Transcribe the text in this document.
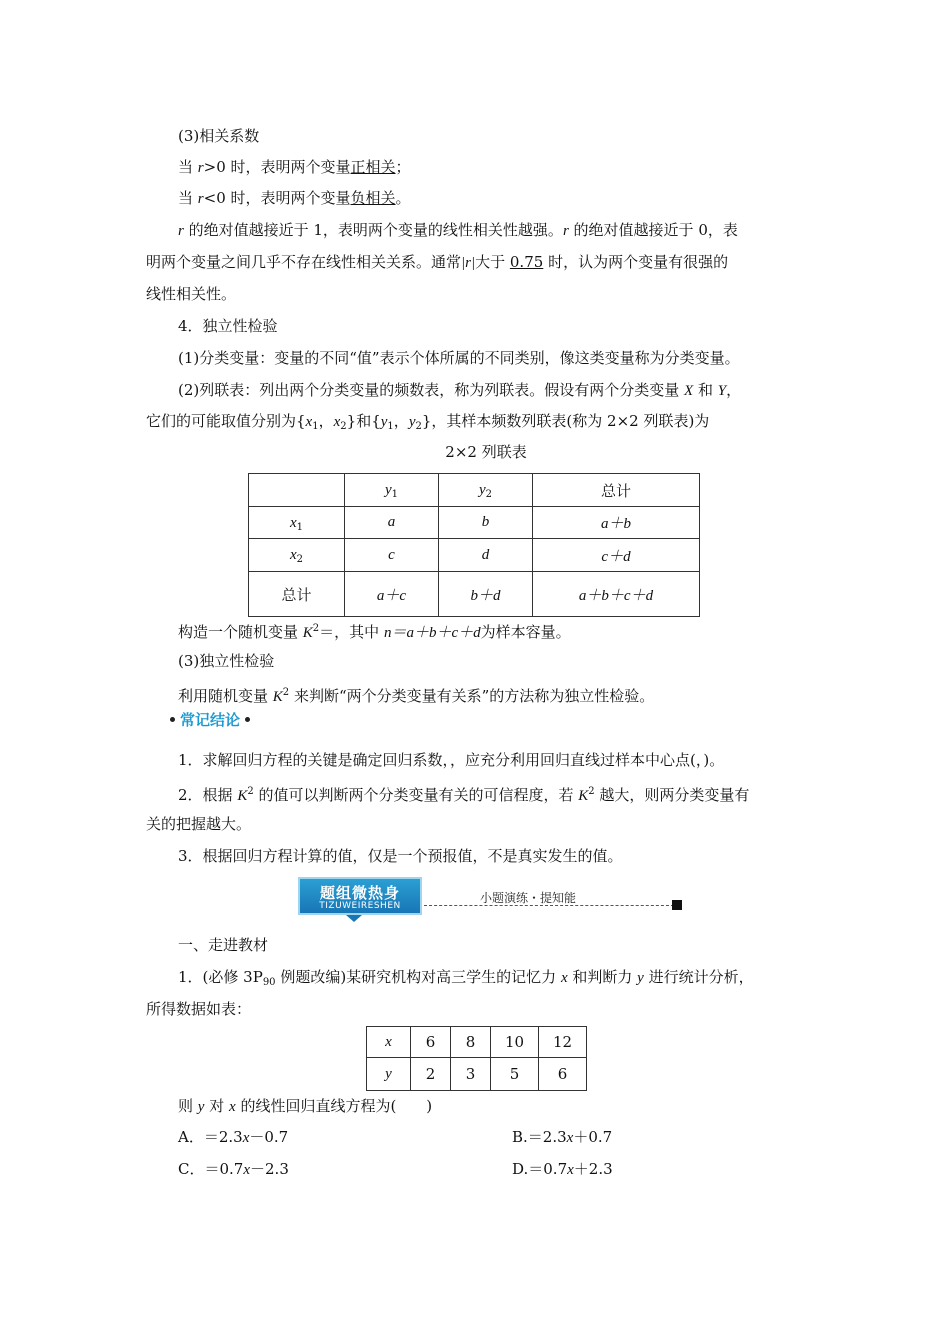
(3)相关系数
当 r>0 时，表明两个变量正相关；
当 r<0 时，表明两个变量负相关。
r 的绝对值越接近于 1，表明两个变量的线性相关性越强。r 的绝对值越接近于 0，表
明两个变量之间几乎不存在线性相关关系。通常|r|大于 0.75 时，认为两个变量有很强的
线性相关性。
4．独立性检验
(1)分类变量：变量的不同“值”表示个体所属的不同类别，像这类变量称为分类变量。
(2)列联表：列出两个分类变量的频数表，称为列联表。假设有两个分类变量 X 和 Y，
它们的可能取值分别为{$x_1$，$x_2$}和{$y_1$，$y_2$}，其样本频数列联表(称为 2×2 列联表)为
2×2 列联表
	$y_1$	$y_2$	总计
$x_1$	a	b	a＋b
$x_2$	c	d	c＋d
总计	a＋c	b＋d	a＋b＋c＋d
构造一个随机变量 $K^2=$，其中 n＝a＋b＋c＋d为样本容量。
(3)独立性检验
利用随机变量 $K^2$ 来判断“两个分类变量有关系”的方法称为独立性检验。
常记结论
1．求解回归方程的关键是确定回归系数，，应充分利用回归直线过样本中心点(，)。
2．根据 $K^2$ 的值可以判断两个分类变量有关的可信程度，若 $K^2$ 越大，则两分类变量有
关的把握越大。
3．根据回归方程计算的值，仅是一个预报值，不是真实发生的值。
题组微热身
TIZUWEIRESHEN
小题演练・提知能
一、走进教材
1．(必修 $3P_{90}$ 例题改编)某研究机构对高三学生的记忆力 x 和判断力 y 进行统计分析，
所得数据如表：
x	6	8	10	12
y	2	3	5	6
则 y 对 x 的线性回归直线方程为(　　)
A．＝2.3x－0.7	B.＝2.3x＋0.7
C．＝0.7x－2.3	D.＝0.7x＋2.3
